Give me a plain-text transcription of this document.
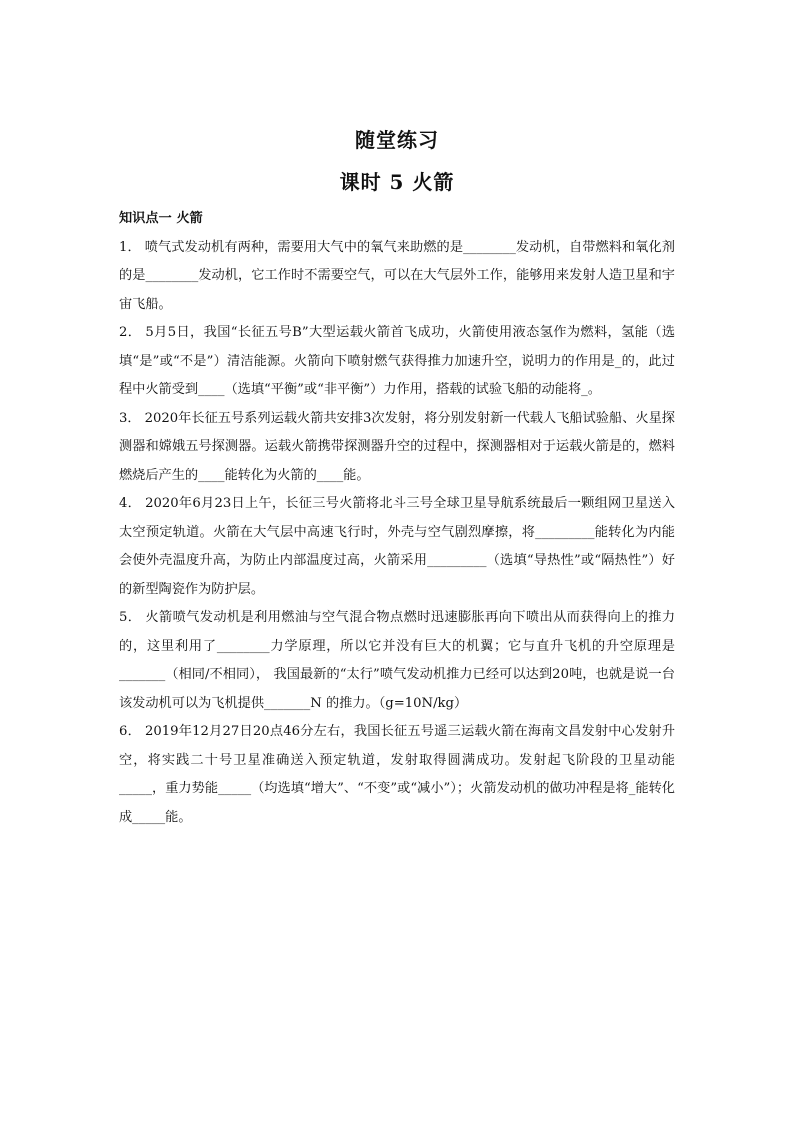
随堂练习
课时 5 火箭

知识点一 火箭

1． 喷气式发动机有两种，需要用大气中的氧气来助燃的是________发动机，自带燃料和氧化剂的是________发动机，它工作时不需要空气，可以在大气层外工作，能够用来发射人造卫星和宇宙飞船。

2． 5月5日，我国“长征五号B”大型运载火箭首飞成功，火箭使用液态氢作为燃料，氢能（选填“是”或“不是”）清洁能源。火箭向下喷射燃气获得推力加速升空，说明力的作用是_的，此过程中火箭受到____（选填“平衡”或“非平衡”）力作用，搭载的试验飞船的动能将_。

3． 2020年长征五号系列运载火箭共安排3次发射，将分别发射新一代载人飞船试验船、火星探测器和嫦娥五号探测器。运载火箭携带探测器升空的过程中，探测器相对于运载火箭是的，燃料燃烧后产生的____能转化为火箭的____能。

4． 2020年6月23日上午，长征三号火箭将北斗三号全球卫星导航系统最后一颗组网卫星送入太空预定轨道。火箭在大气层中高速飞行时，外壳与空气剧烈摩擦，将_________能转化为内能会使外壳温度升高，为防止内部温度过高，火箭采用_________（选填“导热性”或“隔热性”）好的新型陶瓷作为防护层。

5． 火箭喷气发动机是利用燃油与空气混合物点燃时迅速膨胀再向下喷出从而获得向上的推力的，这里利用了________力学原理，所以它并没有巨大的机翼；它与直升飞机的升空原理是_______（相同/不相同）， 我国最新的“太行”喷气发动机推力已经可以达到20吨，也就是说一台该发动机可以为飞机提供_______N 的推力。（g=10N/kg）

6． 2019年12月27日20点46分左右，我国长征五号遥三运载火箭在海南文昌发射中心发射升空，将实践二十号卫星准确送入预定轨道，发射取得圆满成功。发射起飞阶段的卫星动能_____，重力势能_____（均选填“增大”、“不变”或“减小”）；火箭发动机的做功冲程是将_能转化成_____能。
